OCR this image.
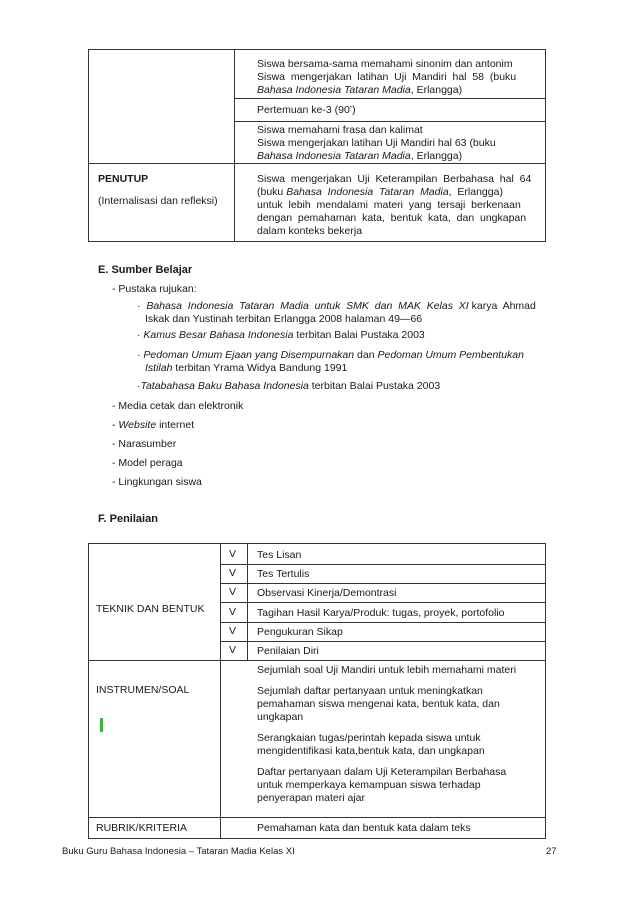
Siswa bersama-sama memahami sinonim dan antonim
Siswa  mengerjakan  latihan  Uji  Mandiri  hal  58  (buku
Bahasa Indonesia Tataran Madia, Erlangga)
Pertemuan ke-3 (90’)
Siswa memahami frasa dan kalimat
Siswa mengerjakan latihan Uji Mandiri hal 63 (buku
Bahasa Indonesia Tataran Madia, Erlangga)
PENUTUP
(Internalisasi dan refleksi)
Siswa  mengerjakan  Uji  Keterampilan  Berbahasa  hal  64
(buku Bahasa  Indonesia  Tataran  Madia,  Erlangga)
untuk  lebih  mendalami  materi  yang  tersaji  berkenaan
dengan  pemahaman  kata,  bentuk  kata,  dan  ungkapan
dalam konteks bekerja
E. Sumber Belajar
- Pustaka rujukan:
· Bahasa  Indonesia  Tataran  Madia  untuk  SMK  dan  MAK  Kelas  XI karya  Ahmad
Iskak dan Yustinah terbitan Erlangga 2008 halaman 49—66
· Kamus Besar Bahasa Indonesia terbitan Balai Pustaka 2003
· Pedoman Umum Ejaan yang Disempurnakan dan Pedoman Umum Pembentukan
Istilah terbitan Yrama Widya Bandung 1991
·Tatabahasa Baku Bahasa Indonesia terbitan Balai Pustaka 2003
- Media cetak dan elektronik
- Website internet
- Narasumber
- Model peraga
- Lingkungan siswa
F. Penilaian
TEKNIK DAN BENTUK
V
V
V
V
V
V
Tes Lisan
Tes Tertulis
Observasi Kinerja/Demontrasi
Tagihan Hasil Karya/Produk: tugas, proyek, portofolio
Pengukuran Sikap
Penilaian Diri
INSTRUMEN/SOAL
Sejumlah soal Uji Mandiri untuk lebih memahami materi
Sejumlah daftar pertanyaan untuk meningkatkan
pemahaman siswa mengenai kata, bentuk kata, dan
ungkapan
Serangkaian tugas/perintah kepada siswa untuk
mengidentifikasi kata,bentuk kata, dan ungkapan
Daftar pertanyaan dalam Uji Keterampilan Berbahasa
untuk memperkaya kemampuan siswa terhadap
penyerapan materi ajar
RUBRIK/KRITERIA	Pemahaman kata dan bentuk kata dalam teks
Buku Guru Bahasa Indonesia – Tataran Madia Kelas XI	27
